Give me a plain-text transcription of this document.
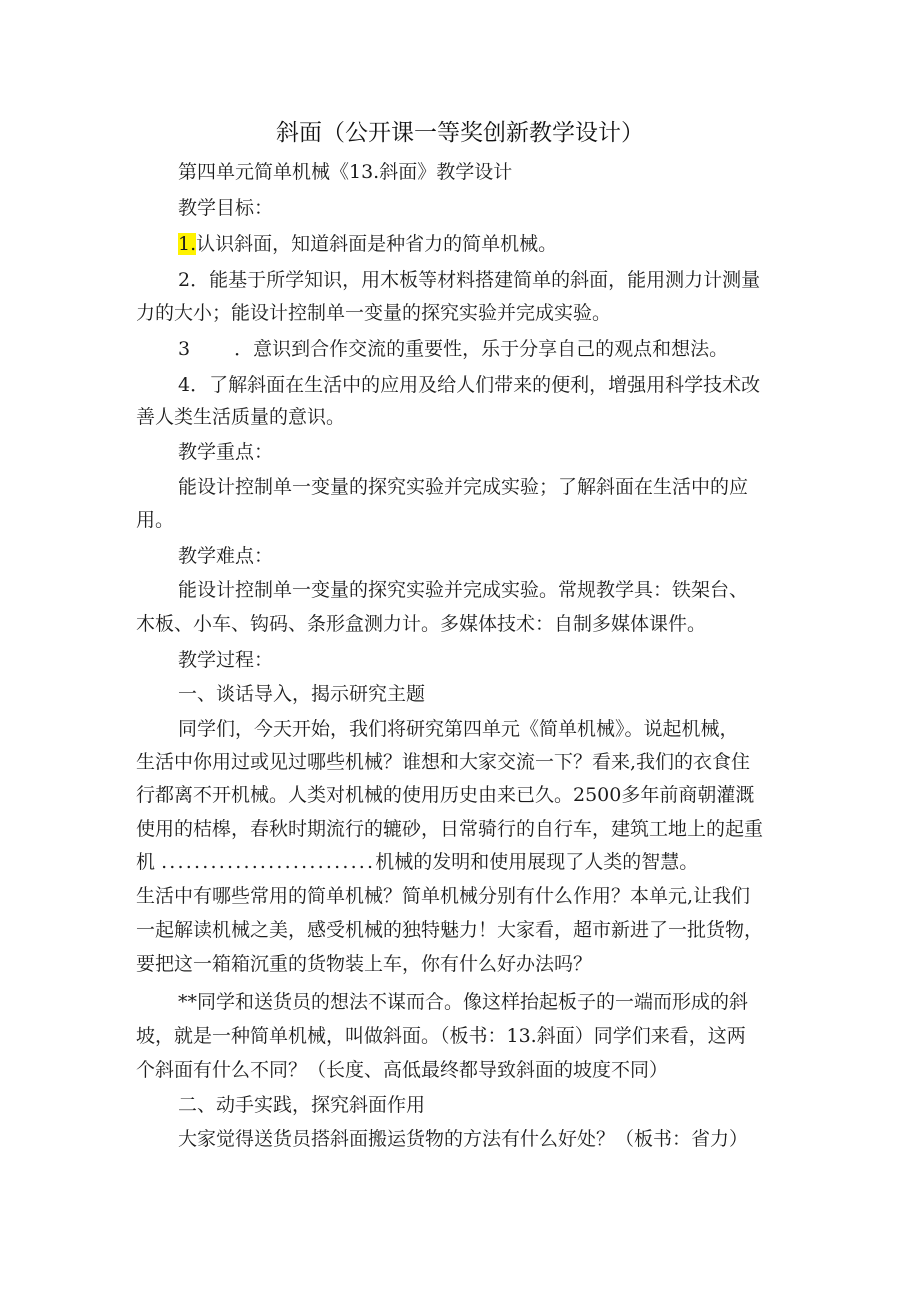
斜面（公开课一等奖创新教学设计）
第四单元简单机械《13.斜面》教学设计
教学目标：
1.认识斜面，知道斜面是种省力的简单机械。
2．能基于所学知识，用木板等材料搭建简单的斜面，能用测力计测量
力的大小；能设计控制单一变量的探究实验并完成实验。
3 ．意识到合作交流的重要性，乐于分享自己的观点和想法。
4．了解斜面在生活中的应用及给人们带来的便利，增强用科学技术改
善人类生活质量的意识。
教学重点：
能设计控制单一变量的探究实验并完成实验；了解斜面在生活中的应
用。
教学难点：
能设计控制单一变量的探究实验并完成实验。常规教学具：铁架台、
木板、小车、钩码、条形盒测力计。多媒体技术：自制多媒体课件。
教学过程：
一、谈话导入，揭示研究主题
同学们，今天开始，我们将研究第四单元《简单机械》。说起机械，
生活中你用过或见过哪些机械？谁想和大家交流一下？看来,我们的衣食住
行都离不开机械。人类对机械的使用历史由来已久。2500多年前商朝灌溉
使用的桔槔，春秋时期流行的辘砂，日常骑行的自行车，建筑工地上的起重
机 ..........................机械的发明和使用展现了人类的智慧。
生活中有哪些常用的简单机械？简单机械分别有什么作用？本单元,让我们
一起解读机械之美，感受机械的独特魅力！大家看，超市新进了一批货物，
要把这一箱箱沉重的货物装上车，你有什么好办法吗？
**同学和送货员的想法不谋而合。像这样抬起板子的一端而形成的斜
坡，就是一种简单机械，叫做斜面。（板书：13.斜面）同学们来看，这两
个斜面有什么不同？（长度、高低最终都导致斜面的坡度不同）
二、动手实践，探究斜面作用
大家觉得送货员搭斜面搬运货物的方法有什么好处？（板书：省力）
